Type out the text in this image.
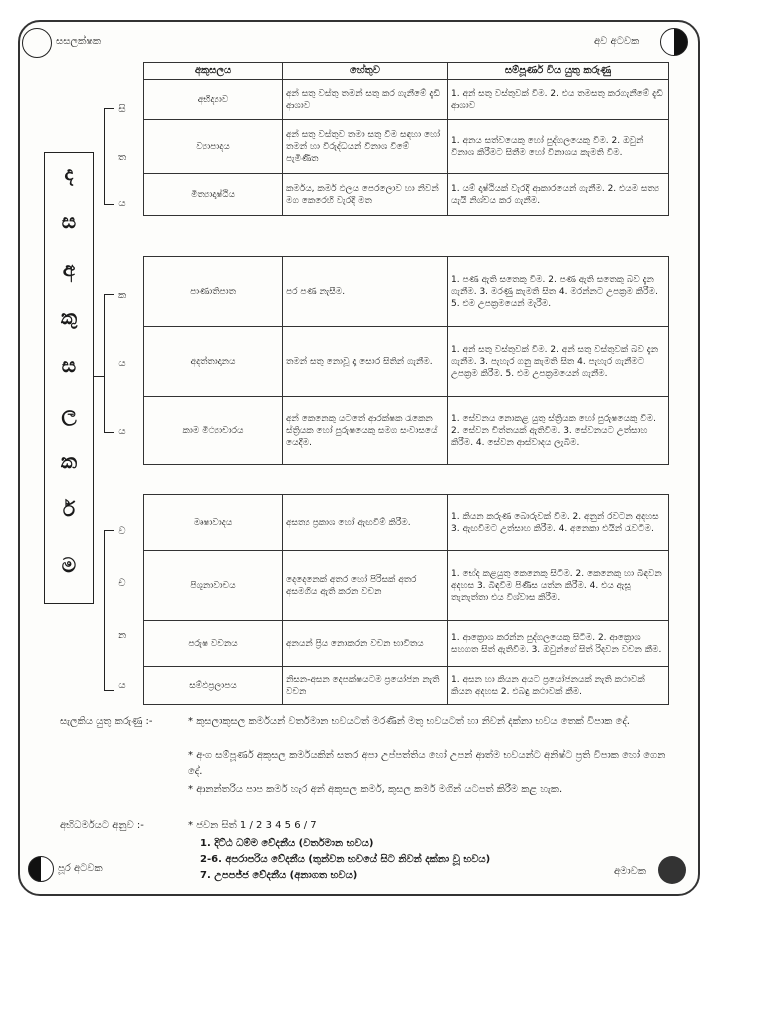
සසලක්ෂක	අව අටවක
ද
ස
අ
කු
ස
ල
ක
ර්
ම
සි
ත
ය
ක
ය
ය
ව
ච
න
ය
අකුසලය	හේතුව	සම්පූර්ණ විය යුතු කරුණු
අභිද්‍යාව	අන් සතු වස්තු තමන් සතු කර ගැනීමේ දැඩි ආශාව	1. අන් සතු වස්තුවක් වීම. 2. එය තමසතු කරගැනීමේ දැඩි ආශාව
ව්‍යාපාදය	අන් සතු වස්තුව තමා සතු වීම සඳහා හෝ තමන් හා විරුද්ධයන් විනාශ වීමේ පැමිණිත	1. අනය සත්වයෙකු හෝ පුද්ගලයෙකු වීම. 2. ඔවුන් විනාශ කිරීමට සිතීම හෝ විනාශය කැමති වීම.
මිත්‍යාදෘෂ්ඨිය	කර්මය, කර්ම ඵලය පෙරලොව හා නිවන් මග කෙරෙහි වැරදි මත	1. යම් දෘෂ්ඨියක් වැරදි ආකාරයෙන් ගැනීම. 2. එයම සත්‍ය යැයි නිශ්චය කර ගැනීම.
පාණාතිපාත	පර පණ නැසීම.	1. පණ ඇති සතෙකු වීම. 2. පණ ඇති සතෙකු බව දැන ගැනීම. 3. මරණු කැමති සිත 4. මරන්නට උපක්‍රම කිරීම. 5. එම උපක්‍රමයෙන් මැරීම.
අදත්තාදානය	තමන් සතු නොවූ දෑ සොර සිතින් ගැනීම.	1. අන් සතු වස්තුවක් වීම. 2. අන් සතු වස්තුවක් බව දැන ගැනීම. 3. පැහැර ගනු කැමති සිත 4. පැහැර ගැනීමට උපක්‍රම කිරීම. 5. එම උපක්‍රමයෙන් ගැනීම.
කාම මිථ්‍යාචාරය	අන් කෙනෙකු යටතේ ආරක්ෂක රැකෙන ස්ත්‍රියක හෝ පුරුෂයෙකු සමග සංවාසයේ යෙදීම.	1. සේවනය නොකළ යුතු ස්ත්‍රියක හෝ පුරුෂයෙකු වීම. 2. සේවන චිත්තයක් ඇතිවීම. 3. සේවනයට උත්සාහ කිරීම. 4. සේවන ආස්වාදය ලැබීම.
මෘෂාවාදය	අසත්‍ය ප්‍රකාශ හෝ ඇඟවීම් කිරීම.	1. කියන කරුණ බොරුවක් වීම. 2. අනුන් රවටන අදහස 3. ඇඟවීමට උත්සාහ කිරීම. 4. අනෙකා එයින් රැවටීම.
පිශුනාවාචය	දෙදෙනෙක් අතර හෝ පිරිසක් අතර අසමගිය ඇති කරන වචන	1. භේද කළයුතු කෙනෙකු සිටීම. 2. කෙනෙකු හා බිඳවන අදහස 3. බිඳවීම පිණිස යත්න කිරීම. 4. එය ඇසූ තැනැත්තා එය විශ්වාස කිරීම.
පරුෂ වචනය	අනයන් ප්‍රිය නොකරන වචන භාවිතය	1. ආක්‍රොශ කරන්න පුද්ගලයෙකු සිටීම. 2. ආක්‍රොශ සහගත සිත් ඇතිවීම. 3. ඔවුන්ගේ සිත් රිදවන වචන කීම.
සම්ඵප්‍රලාපය	නිසන-අසන දෙපක්ෂයටම ප්‍රයෝජන නැති වචන	1. අසන හා කියන අයට ප්‍රයෝජනයක් නැති කථාවක් කියන අදහස 2. එබඳු කථාවක් කීම.
සැලකිය යුතු කරුණු :-	* කුසලාකුසල කර්මයන් වර්තමාන භවයටත් මරණින් මතු භවයටත් හා නිවන් දක්නා භවය තෙක් විපාක දේ.
* අංග සම්පූර්ණ අකුසල කර්මයකින් සතර අපා උප්පත්තිය හෝ උපන් ආත්ම භවයන්ට අනිෂ්ට ප්‍රති විපාක හෝ ගෙන දේ.
* ආනන්තරිය පාප කර්ම හැර අන් අකුසල කර්ම, කුසල කර්ම මගින් යටපත් කිරීම කළ හැක.
අභිධර්මයට අනුව :-	* ජවන සිත් 1 / 2 3 4 5 6 / 7
1. දිට්ඨ ධම්ම වේදනීය (වර්තමාන භවය)
2-6. අපරාපරිය වේදනීය (තුන්වන භවයේ සිට නිවන් දක්නා වූ භවය)
7. උපපජ්ජ වේදනීය (අනාගත භවය)
පූර අටවක	අමාවක
